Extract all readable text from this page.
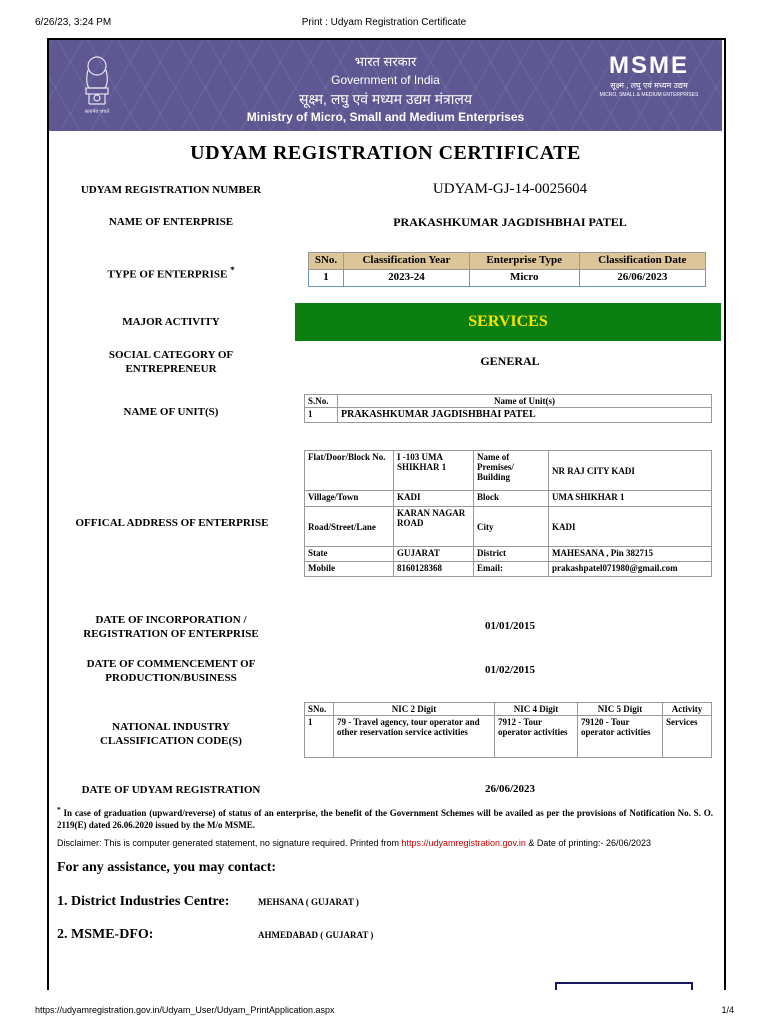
6/26/23, 3:24 PM	Print : Udyam Registration Certificate
सत्यमेव जयते
भारत सरकार
Government of India
सूक्ष्म, लघु एवं मध्यम उद्यम मंत्रालय
Ministry of Micro, Small and Medium Enterprises
MSME
सूक्ष्म , लघु एवं मध्यम उद्यम
MICRO, SMALL & MEDIUM ENTERPRISES
UDYAM REGISTRATION CERTIFICATE
UDYAM REGISTRATION NUMBER	UDYAM-GJ-14-0025604
NAME OF ENTERPRISE	PRAKASHKUMAR JAGDISHBHAI PATEL
TYPE OF ENTERPRISE *
SNo.	Classification Year	Enterprise Type	Classification Date
1	2023-24	Micro	26/06/2023
MAJOR ACTIVITY	SERVICES
SOCIAL CATEGORY OF ENTREPRENEUR
GENERAL
NAME OF UNIT(S)
S.No.	Name of Unit(s)
1	PRAKASHKUMAR JAGDISHBHAI PATEL
OFFICAL ADDRESS OF ENTERPRISE
Flat/Door/Block No.	I -103 UMA SHIKHAR 1	Name of Premises/ Building	NR RAJ CITY KADI
Village/Town	KADI	Block	UMA SHIKHAR 1
Road/Street/Lane	KARAN NAGAR ROAD	City	KADI
State	GUJARAT	District	MAHESANA , Pin 382715
Mobile	8160128368	Email:	prakashpatel071980@gmail.com
DATE OF INCORPORATION / REGISTRATION OF ENTERPRISE
01/01/2015
DATE OF COMMENCEMENT OF PRODUCTION/BUSINESS
01/02/2015
NATIONAL INDUSTRY CLASSIFICATION CODE(S)
SNo.	NIC 2 Digit	NIC 4 Digit	NIC 5 Digit	Activity
1	79 - Travel agency, tour operator and other reservation service activities	7912 - Tour operator activities	79120 - Tour operator activities	Services
DATE OF UDYAM REGISTRATION	26/06/2023
* In case of graduation (upward/reverse) of status of an enterprise, the benefit of the Government Schemes will be availed as per the provisions of Notification No. S. O. 2119(E) dated 26.06.2020 issued by the M/o MSME.
Disclaimer: This is computer generated statement, no signature required. Printed from https://udyamregistration.gov.in & Date of printing:- 26/06/2023
For any assistance, you may contact:
1. District Industries Centre:	MEHSANA ( GUJARAT )
2. MSME-DFO:	AHMEDABAD ( GUJARAT )
https://udyamregistration.gov.in/Udyam_User/Udyam_PrintApplication.aspx	1/4
